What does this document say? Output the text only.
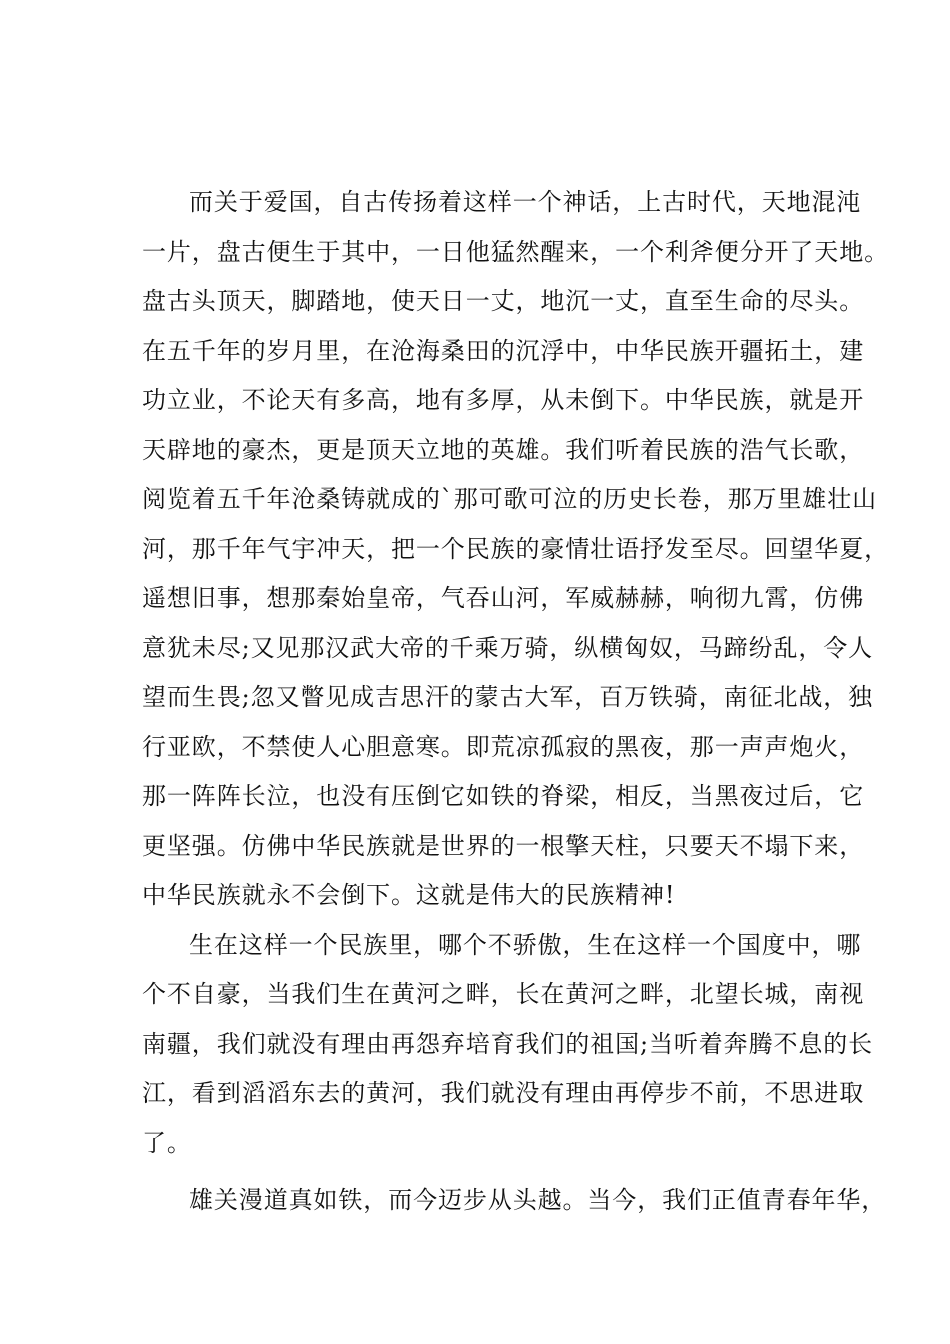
而关于爱国，自古传扬着这样一个神话，上古时代，天地混沌
一片，盘古便生于其中，一日他猛然醒来，一个利斧便分开了天地。
盘古头顶天，脚踏地，使天日一丈，地沉一丈，直至生命的尽头。
在五千年的岁月里，在沧海桑田的沉浮中，中华民族开疆拓土，建
功立业，不论天有多高，地有多厚，从未倒下。中华民族，就是开
天辟地的豪杰，更是顶天立地的英雄。我们听着民族的浩气长歌，
阅览着五千年沧桑铸就成的`那可歌可泣的历史长卷，那万里雄壮山
河，那千年气宇冲天，把一个民族的豪情壮语抒发至尽。回望华夏，
遥想旧事，想那秦始皇帝，气吞山河，军威赫赫，响彻九霄，仿佛
意犹未尽;又见那汉武大帝的千乘万骑，纵横匈奴，马蹄纷乱，令人
望而生畏;忽又瞥见成吉思汗的蒙古大军，百万铁骑，南征北战，独
行亚欧，不禁使人心胆意寒。即荒凉孤寂的黑夜，那一声声炮火，
那一阵阵长泣，也没有压倒它如铁的脊梁，相反，当黑夜过后，它
更坚强。仿佛中华民族就是世界的一根擎天柱，只要天不塌下来，
中华民族就永不会倒下。这就是伟大的民族精神!
生在这样一个民族里，哪个不骄傲，生在这样一个国度中，哪
个不自豪，当我们生在黄河之畔，长在黄河之畔，北望长城，南视
南疆，我们就没有理由再怨弃培育我们的祖国;当听着奔腾不息的长
江，看到滔滔东去的黄河，我们就没有理由再停步不前，不思进取
了。
雄关漫道真如铁，而今迈步从头越。当今，我们正值青春年华，
